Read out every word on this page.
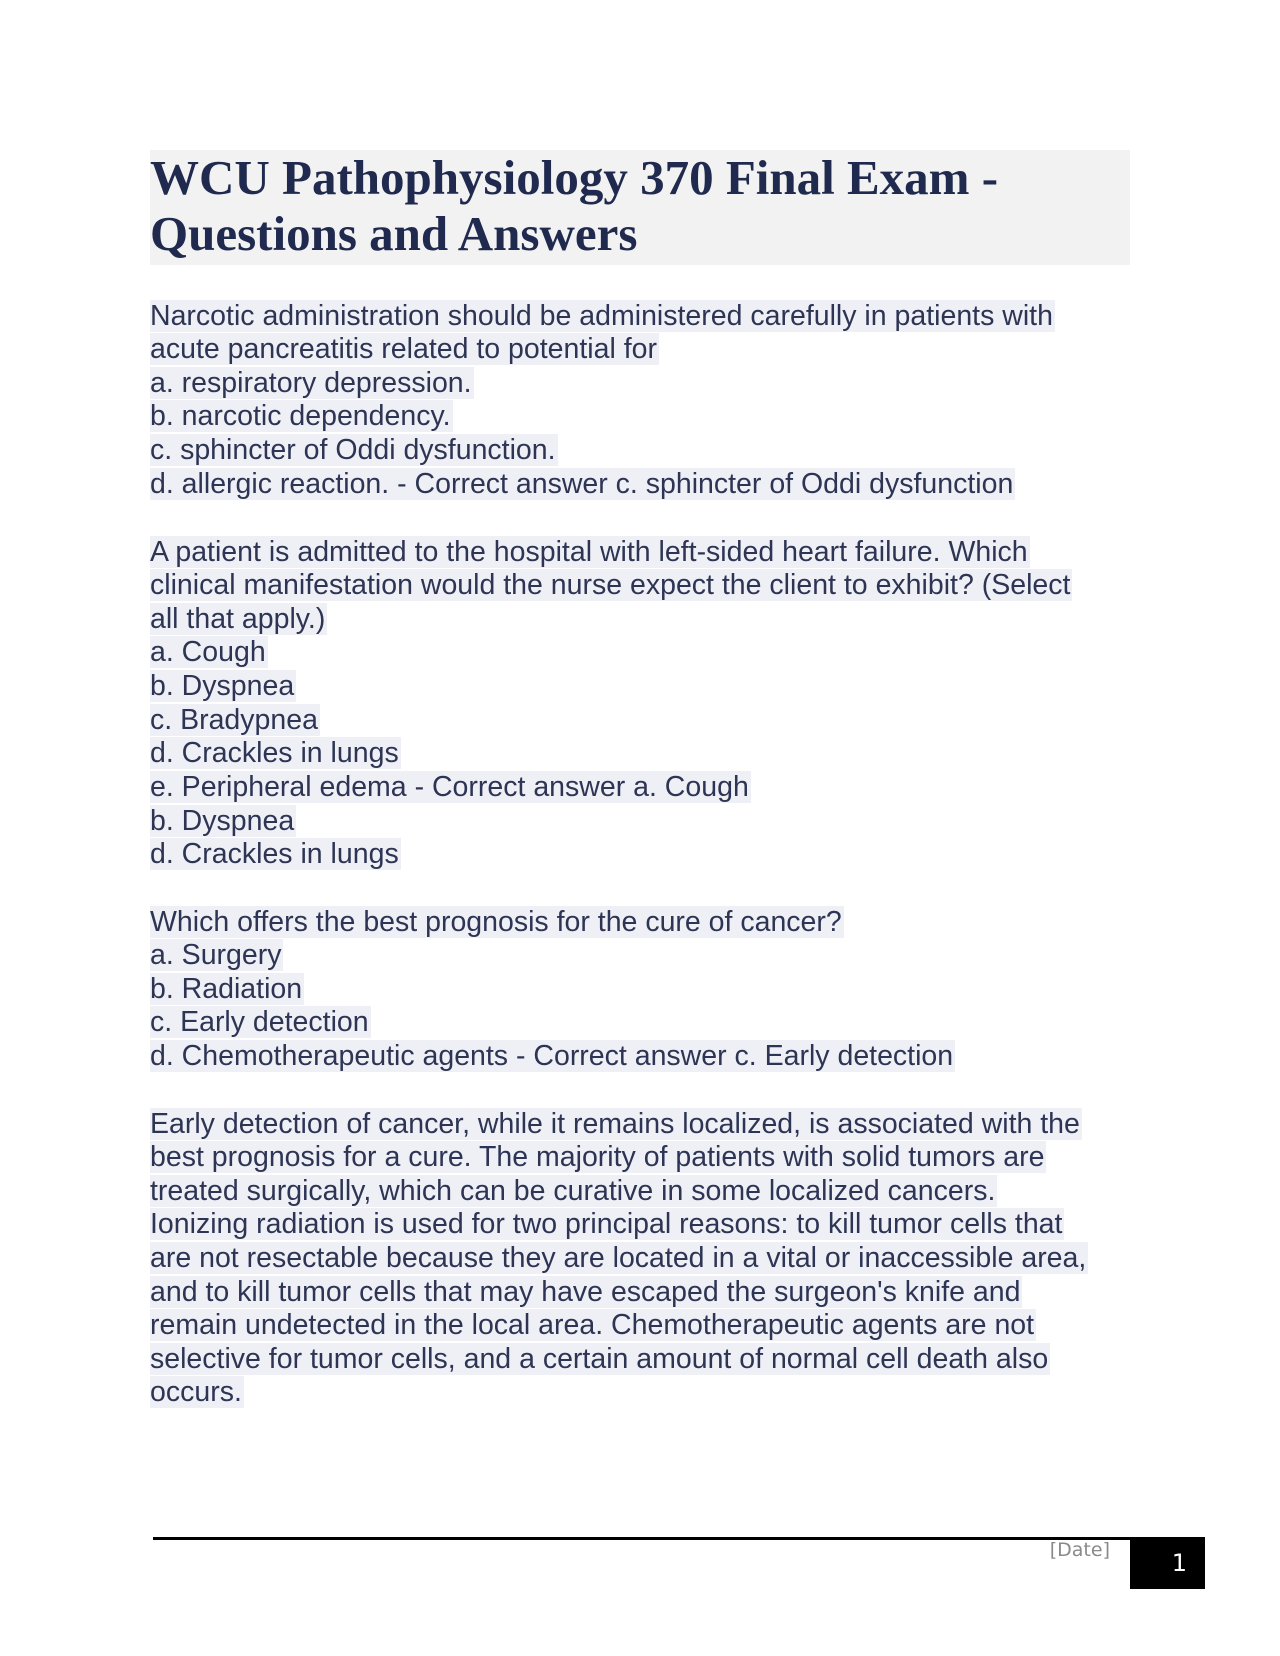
WCU Pathophysiology 370 Final Exam -
Questions and Answers
Narcotic administration should be administered carefully in patients with
acute pancreatitis related to potential for
a. respiratory depression.
b. narcotic dependency.
c. sphincter of Oddi dysfunction.
d. allergic reaction. - Correct answer c. sphincter of Oddi dysfunction
A patient is admitted to the hospital with left-sided heart failure. Which
clinical manifestation would the nurse expect the client to exhibit? (Select
all that apply.)
a. Cough
b. Dyspnea
c. Bradypnea
d. Crackles in lungs
e. Peripheral edema - Correct answer a. Cough
b. Dyspnea
d. Crackles in lungs
Which offers the best prognosis for the cure of cancer?
a. Surgery
b. Radiation
c. Early detection
d. Chemotherapeutic agents - Correct answer c. Early detection
Early detection of cancer, while it remains localized, is associated with the
best prognosis for a cure. The majority of patients with solid tumors are
treated surgically, which can be curative in some localized cancers.
Ionizing radiation is used for two principal reasons: to kill tumor cells that
are not resectable because they are located in a vital or inaccessible area,
and to kill tumor cells that may have escaped the surgeon's knife and
remain undetected in the local area. Chemotherapeutic agents are not
selective for tumor cells, and a certain amount of normal cell death also
occurs.
[Date]	1
